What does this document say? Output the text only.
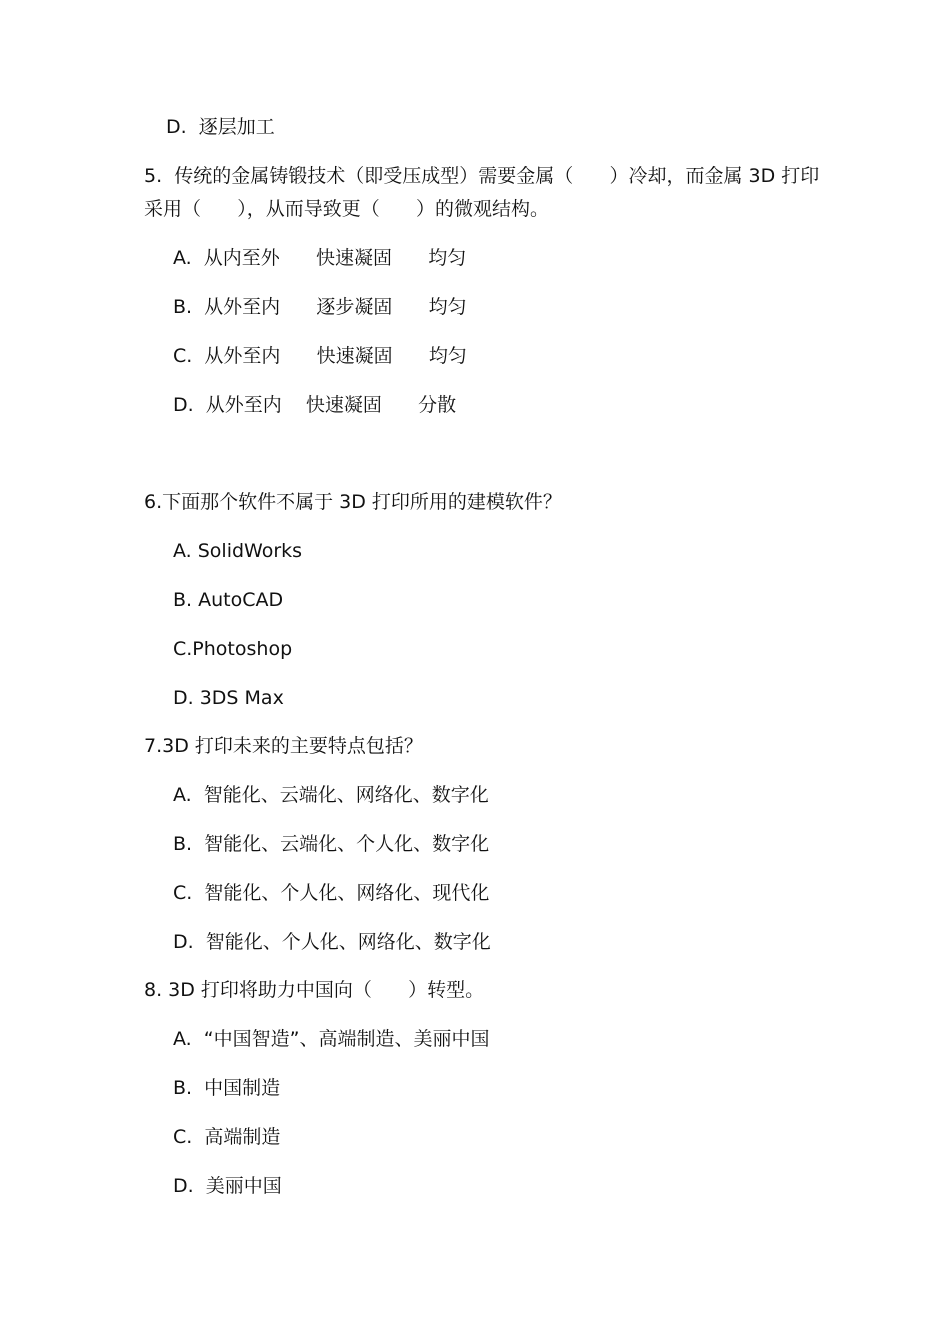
D.  逐层加工
5.  传统的金属铸锻技术（即受压成型）需要金属（      ）冷却，而金属 3D 打印
采用（      ），从而导致更（      ）的微观结构。
A.  从内至外      快速凝固      均匀
B.  从外至内      逐步凝固      均匀
C.  从外至内      快速凝固      均匀
D.  从外至内    快速凝固      分散
6.下面那个软件不属于 3D 打印所用的建模软件？
A. SolidWorks
B. AutoCAD
C.Photoshop
D. 3DS Max
7.3D 打印未来的主要特点包括？
A.  智能化、云端化、网络化、数字化
B.  智能化、云端化、个人化、数字化
C.  智能化、个人化、网络化、现代化
D.  智能化、个人化、网络化、数字化
8. 3D 打印将助力中国向（      ）转型。
A.  “中国智造”、高端制造、美丽中国
B.  中国制造
C.  高端制造
D.  美丽中国
